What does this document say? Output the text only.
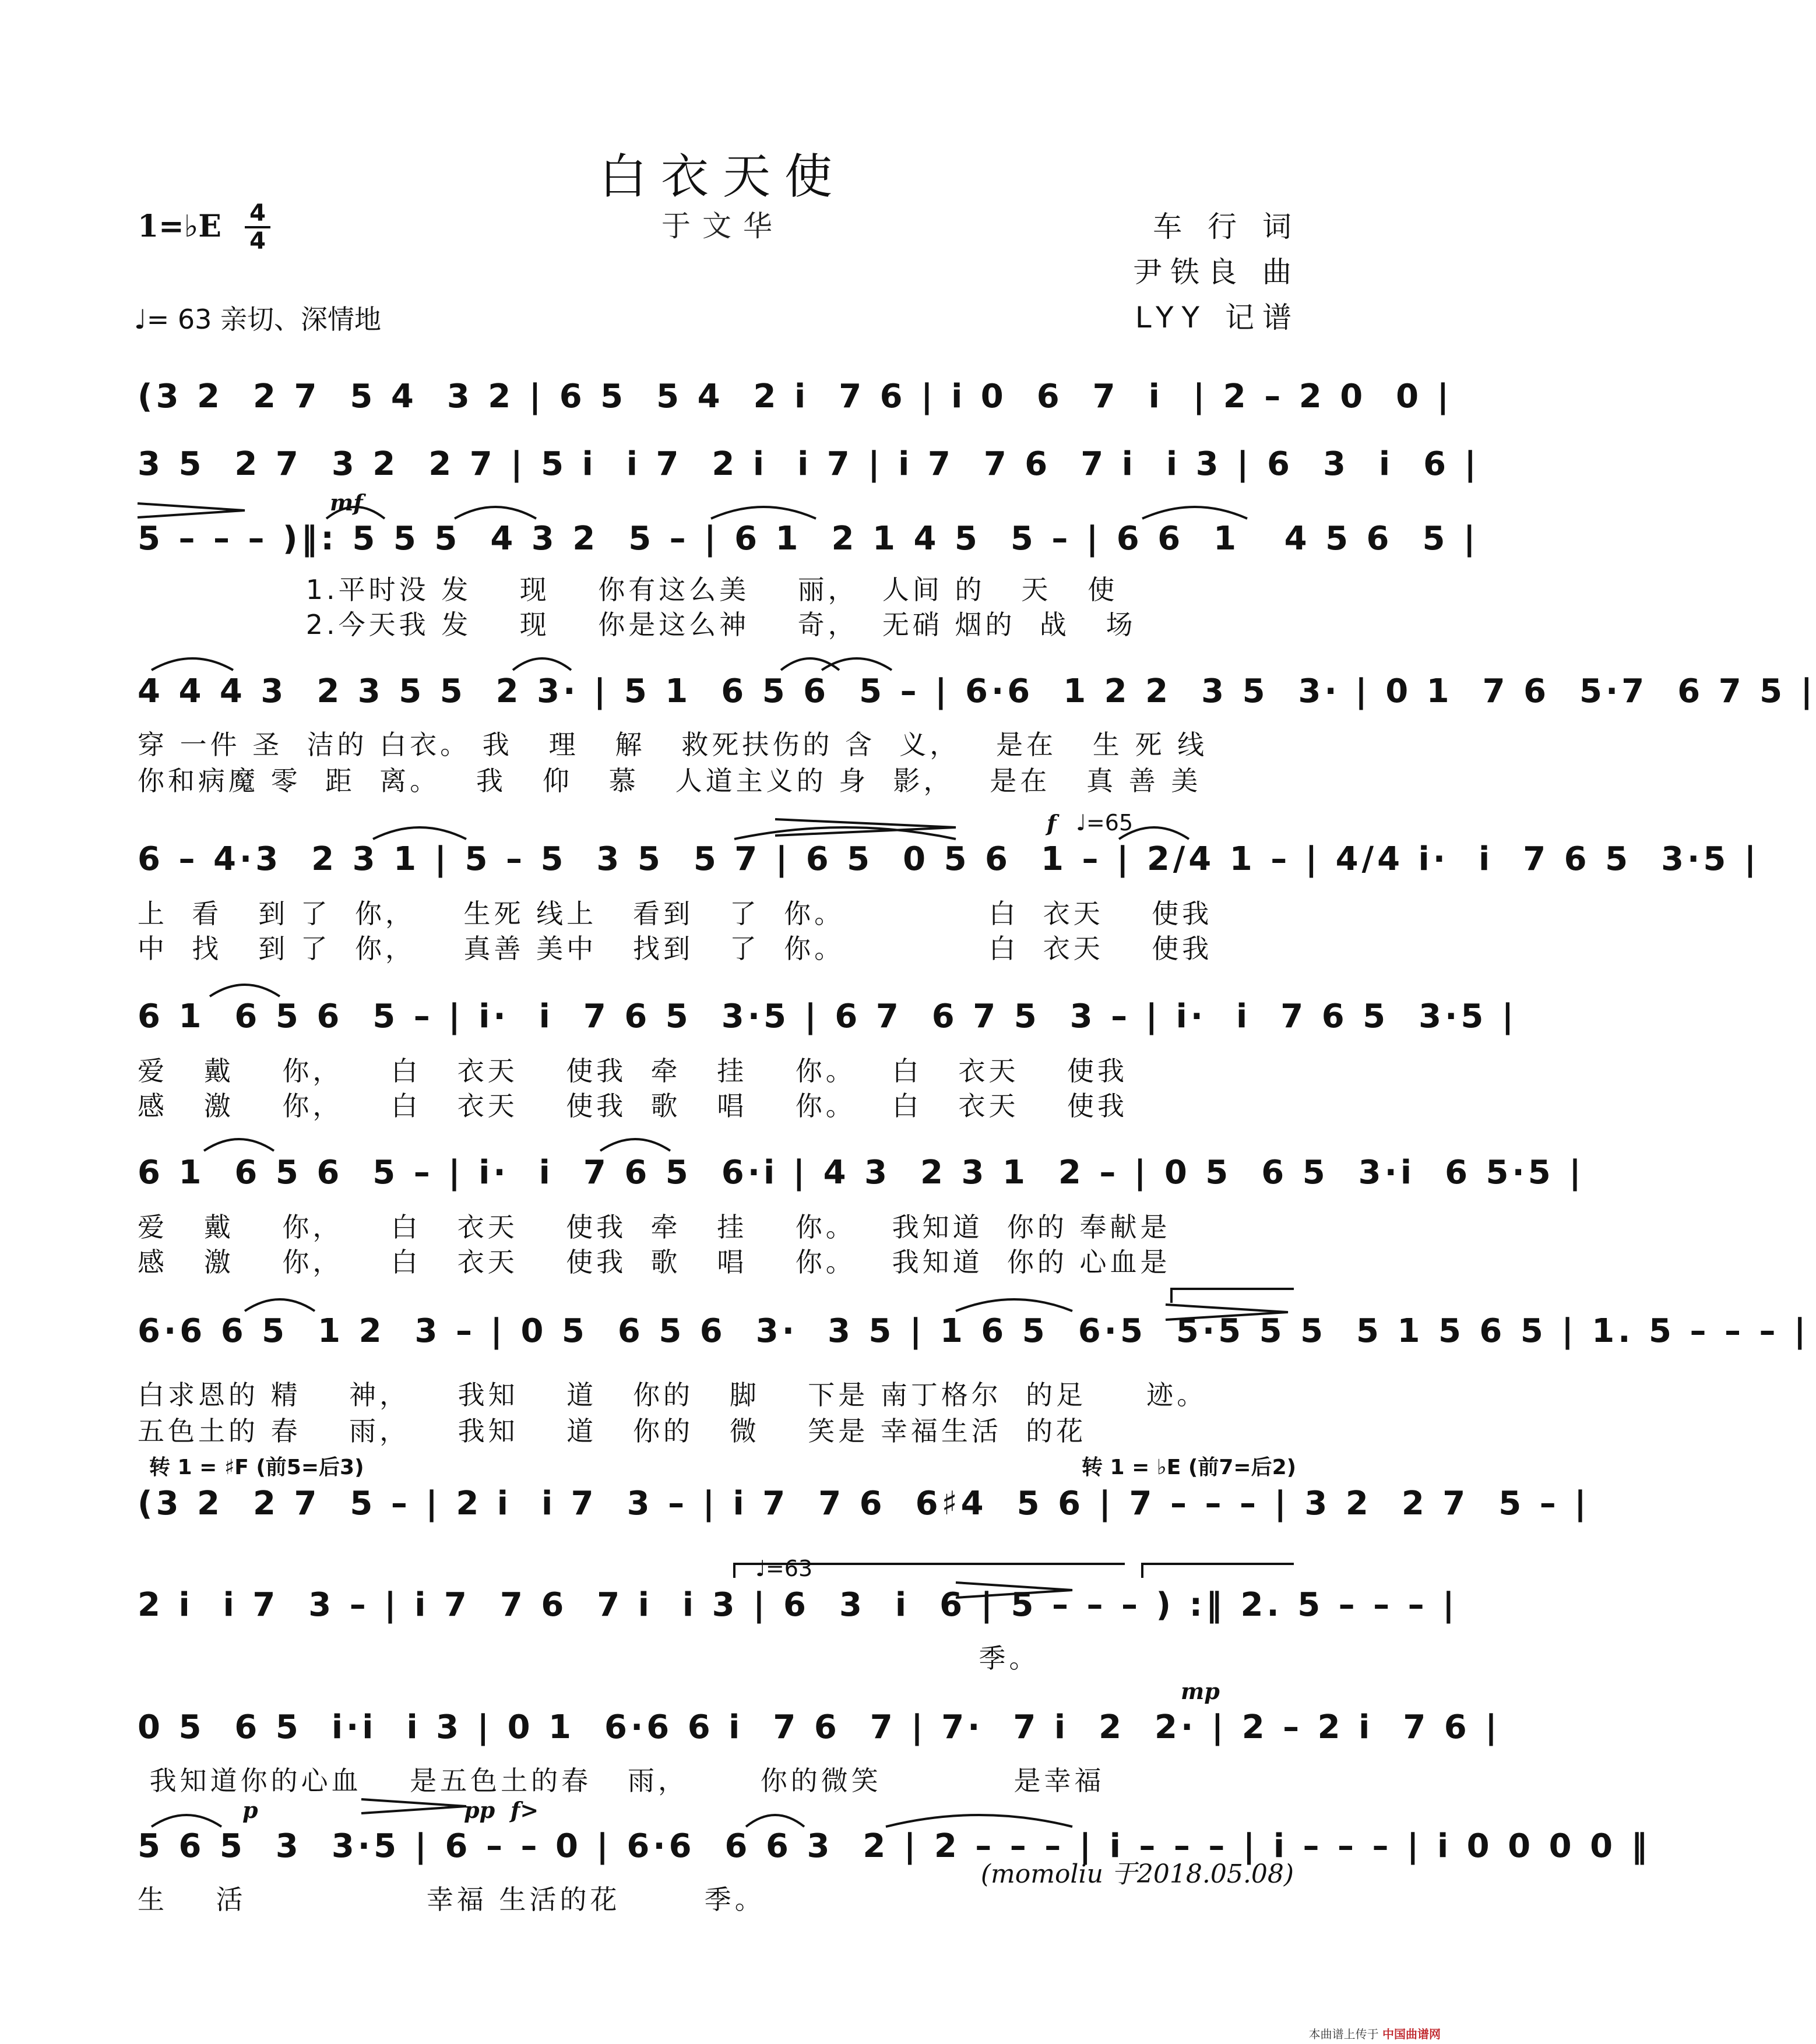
白衣天使
于文华
1=♭E 4
4
♩= 63 亲切、深情地
车 行 词
尹铁良 曲
LYY 记谱
(3 2  2 7  5 4  3 2 | 6 5  5 4  2 i  7 6 | i 0  6  7  i  | 2 – 2 0  0 |
3 5  2 7  3 2  2 7 | 5 i  i 7  2 i  i 7 | i 7  7 6  7 i  i 3 | 6  3  i  6 |
mf
5 – – – )‖: 5 5 5  4 3 2  5 – | 6 1  2 1 4 5  5 – | 6 6  1   4 5 6  5 |
1.平时没 发    现    你有这么美    丽，  人间 的   天   使
2.今天我 发    现    你是这么神    奇，  无硝 烟的  战   场
4 4 4 3  2 3 5 5  2 3· | 5 1  6 5 6  5 – | 6·6  1 2 2  3 5  3· | 0 1  7 6  5·7  6 7 5 |
穿 一件 圣  洁的 白衣。 我   理   解   救死扶伤的 含  义，   是在   生 死 线
你和病魔 零  距  离。   我   仰   慕   人道主义的 身  影，   是在   真 善 美
f ♩=65
6 – 4·3  2 3 1 | 5 – 5  3 5  5 7 | 6 5  0 5 6  1 – | 2/4 1 – | 4/4 i·  i  7 6 5  3·5 |
上  看   到 了  你，    生死 线上   看到   了  你。            白  衣天    使我
中  找   到 了  你，    真善 美中   找到   了  你。            白  衣天    使我
6 1  6 5 6  5 – | i·  i  7 6 5  3·5 | 6 7  6 7 5  3 – | i·  i  7 6 5  3·5 |
爱   戴    你，    白   衣天    使我  牵   挂    你。   白   衣天    使我
感   激    你，    白   衣天    使我  歌   唱    你。   白   衣天    使我
6 1  6 5 6  5 – | i·  i  7 6 5  6·i | 4 3  2 3 1  2 – | 0 5  6 5  3·i  6 5·5 |
爱   戴    你，    白   衣天    使我  牵   挂    你。   我知道  你的 奉献是
感   激    你，    白   衣天    使我  歌   唱    你。   我知道  你的 心血是
6·6 6 5  1 2  3 – | 0 5  6 5 6  3·  3 5 | 1 6 5  6·5  5·5 5 5  5 1 5 6 5 | 1. 5 – – – |
白求恩的 精    神，    我知    道   你的   脚    下是 南丁格尔  的足     迹。
五色土的 春    雨，    我知    道   你的   微    笑是 幸福生活  的花
转 1 = ♯F (前5=后3)	转 1 = ♭E (前7=后2)
(3 2  2 7  5 – | 2 i  i 7  3 – | i 7  7 6  6♯4  5 6 | 7 – – – | 3 2  2 7  5 – |
♩=63
2 i  i 7  3 – | i 7  7 6  7 i  i 3 | 6  3  i  6 | 5 – – – ) :‖ 2. 5 – – – |
季。
mp
0 5  6 5  i·i  i 3 | 0 1  6·6 6 i  7 6  7 | 7·  7 i  2  2· | 2 – 2 i  7 6 |
我知道你的心血    是五色土的春   雨，      你的微笑           是幸福
p	pp f>
5 6 5  3  3·5 | 6 – – 0 | 6·6  6 6 3  2 | 2 – – – | i – – – | i – – – | i 0 0 0 0 ‖
生    活               幸福 生活的花       季。
(momoliu 于2018.05.08)
本曲谱上传于 中国曲谱网
